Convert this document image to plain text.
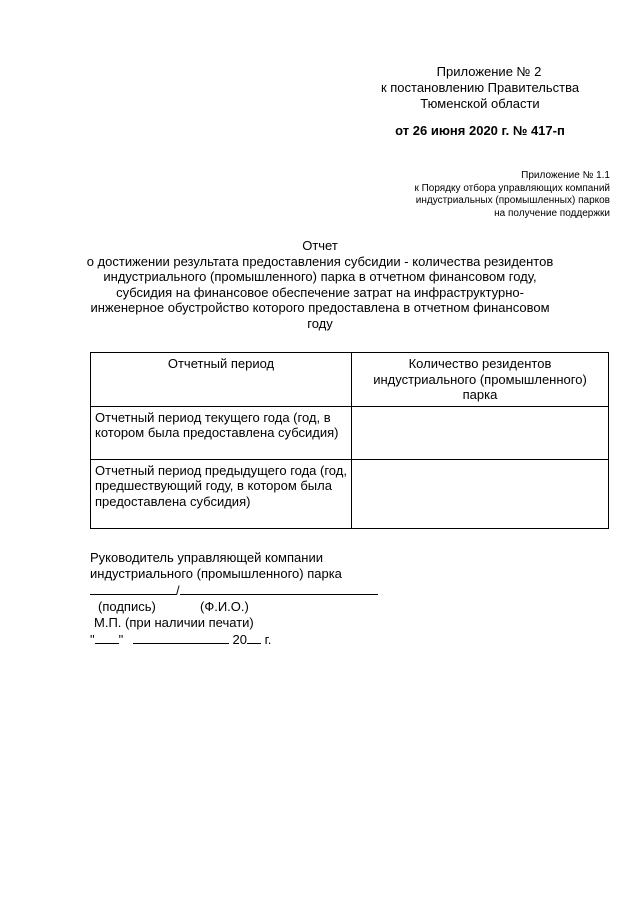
Приложение № 2
к постановлению Правительства
Тюменской области
от 26 июня 2020 г. № 417-п
Приложение № 1.1
к Порядку отбора управляющих компаний
индустриальных (промышленных) парков
на получение поддержки
Отчет
о достижении результата предоставления субсидии - количества резидентов
индустриального (промышленного) парка в отчетном финансовом году,
субсидия на финансовое обеспечение затрат на инфраструктурно-
инженерное обустройство которого предоставлена в отчетном финансовом
году
Отчетный период	Количество резидентов индустриального (промышленного) парка
Отчетный период текущего года (год, в котором была предоставлена субсидия)	
Отчетный период предыдущего года (год, предшествующий году, в котором была предоставлена субсидия)	
Руководитель управляющей компании
индустриального (промышленного) парка
/
(подпись)	(Ф.И.О.)
М.П. (при наличии печати)
" "	20 г.
